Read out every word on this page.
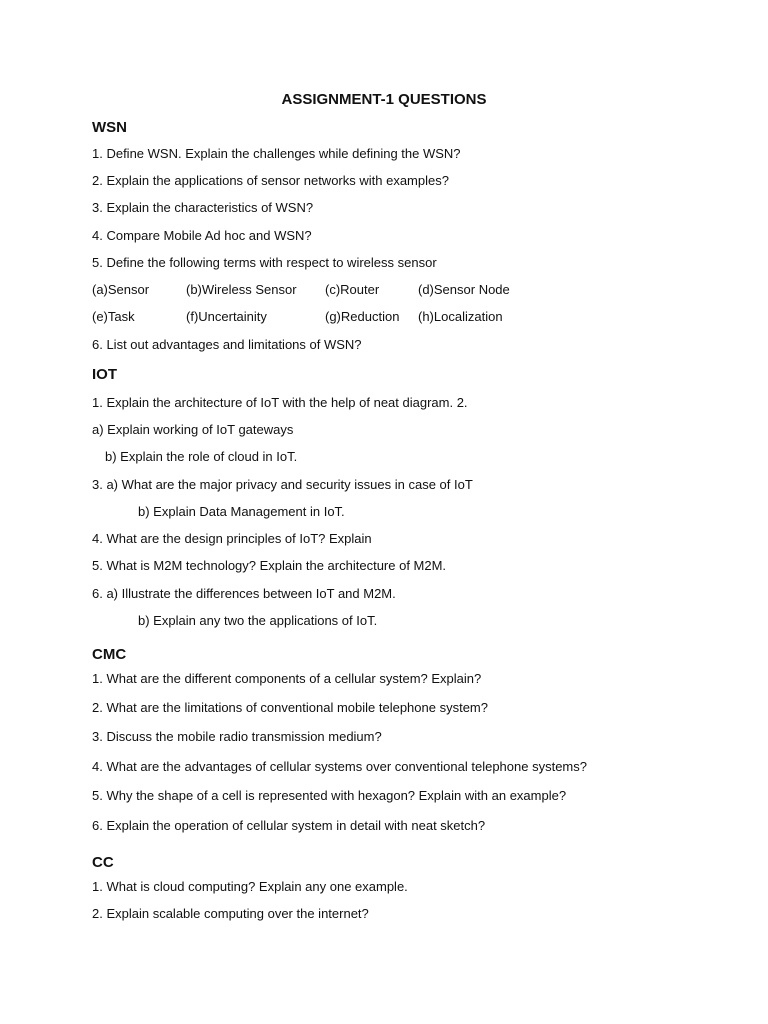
ASSIGNMENT-1 QUESTIONS
WSN
1. Define WSN. Explain the challenges while defining the WSN?
2. Explain the applications of sensor networks with examples?
3. Explain the characteristics of WSN?
4. Compare Mobile Ad hoc and WSN?
5. Define the following terms with respect to wireless sensor
(a)Sensor	(b)Wireless Sensor (c)Router	(d)Sensor Node
(e)Task	(f)Uncertainity	(g)Reduction (h)Localization
6. List out advantages and limitations of WSN?
IOT
1. Explain the architecture of IoT with the help of neat diagram. 2.
a) Explain working of IoT gateways
b) Explain the role of cloud in IoT.
3. a) What are the major privacy and security issues in case of IoT
b) Explain Data Management in IoT.
4. What are the design principles of IoT? Explain
5. What is M2M technology? Explain the architecture of M2M.
6. a) Illustrate the differences between IoT and M2M.
b) Explain any two the applications of IoT.
CMC
1. What are the different components of a cellular system? Explain?
2. What are the limitations of conventional mobile telephone system?
3. Discuss the mobile radio transmission medium?
4. What are the advantages of cellular systems over conventional telephone systems?
5. Why the shape of a cell is represented with hexagon? Explain with an example?
6. Explain the operation of cellular system in detail with neat sketch?
CC
1. What is cloud computing? Explain any one example.
2. Explain scalable computing over the internet?
